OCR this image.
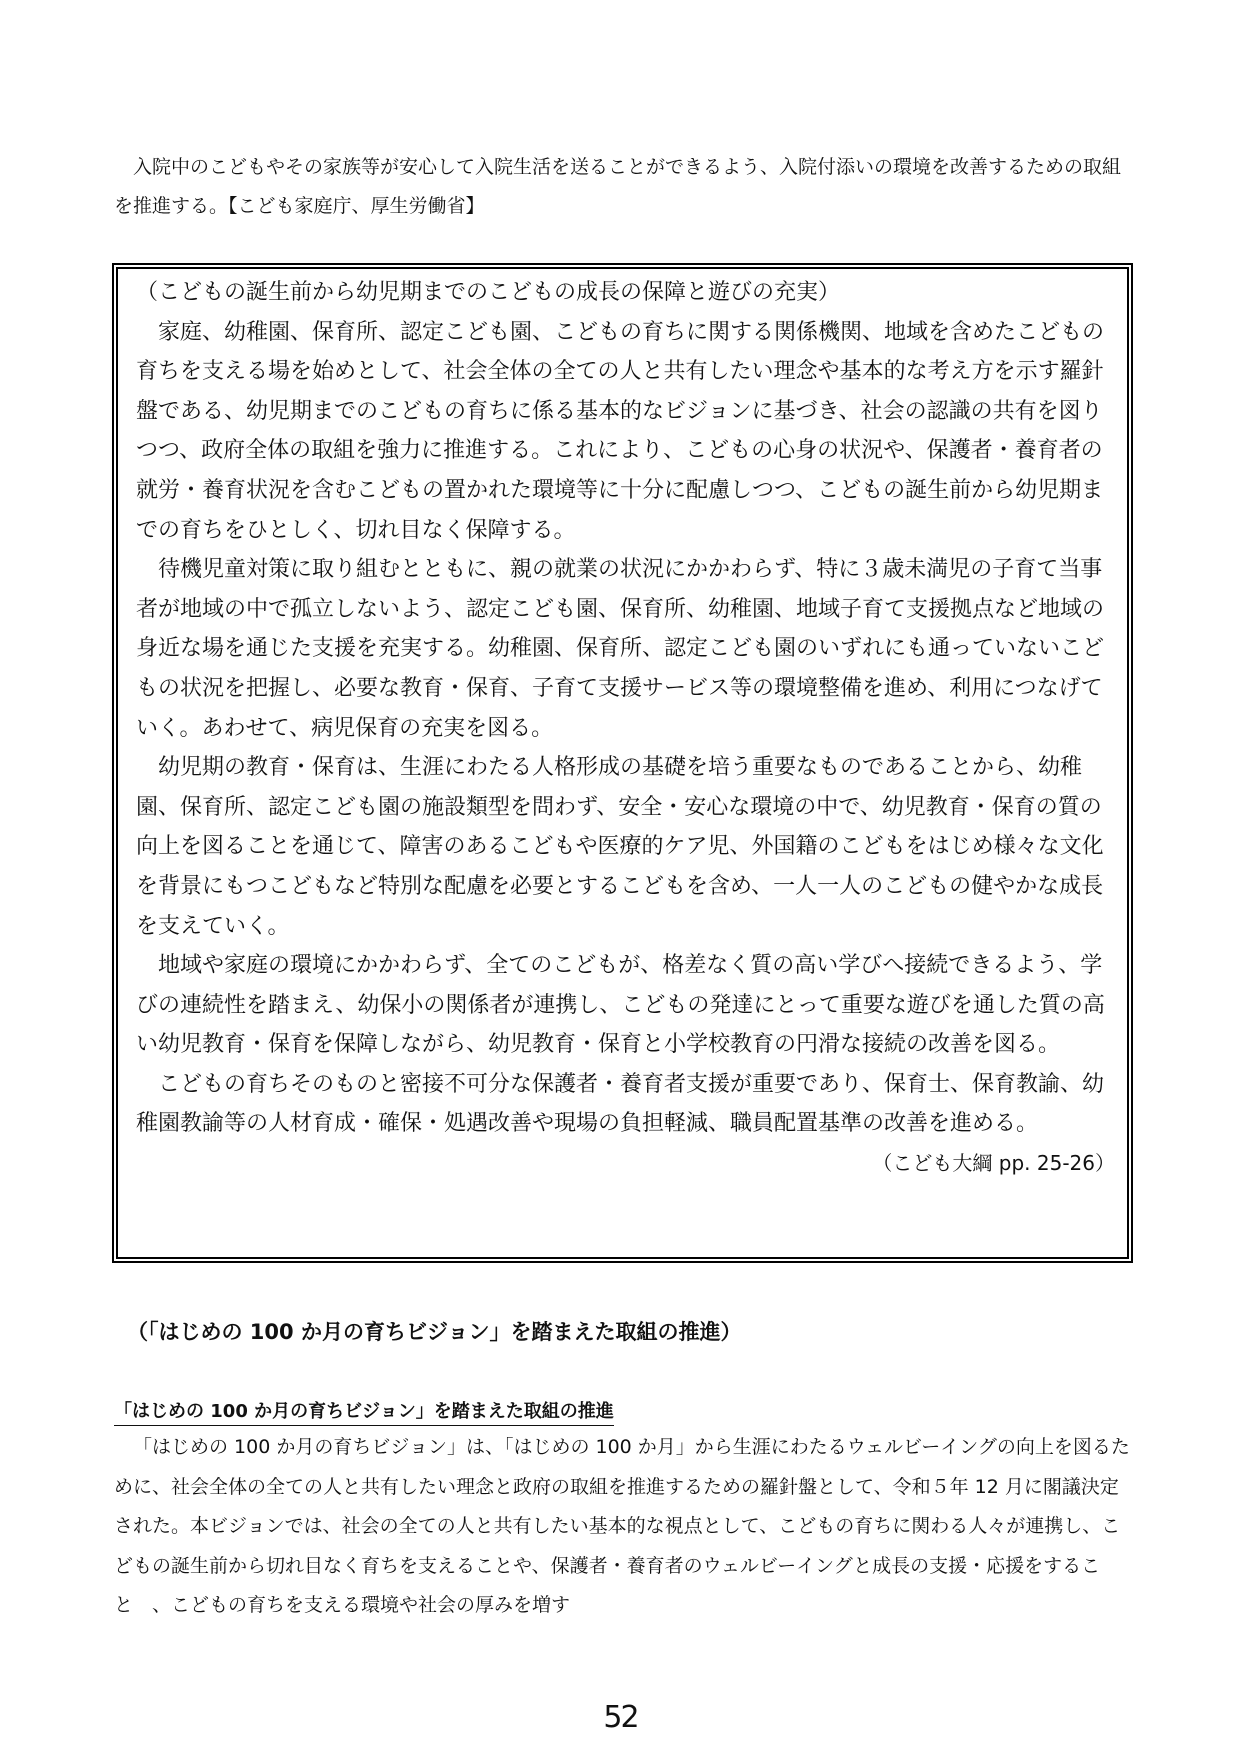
入院中のこどもやその家族等が安心して入院生活を送ることができるよう、入院付添いの環境を改善するための取組を推進する。【こども家庭庁、厚生労働省】

（こどもの誕生前から幼児期までのこどもの成長の保障と遊びの充実）

家庭、幼稚園、保育所、認定こども園、こどもの育ちに関する関係機関、地域を含めたこどもの育ちを支える場を始めとして、社会全体の全ての人と共有したい理念や基本的な考え方を示す羅針盤である、幼児期までのこどもの育ちに係る基本的なビジョンに基づき、社会の認識の共有を図りつつ、政府全体の取組を強力に推進する。これにより、こどもの心身の状況や、保護者・養育者の就労・養育状況を含むこどもの置かれた環境等に十分に配慮しつつ、こどもの誕生前から幼児期までの育ちをひとしく、切れ目なく保障する。

待機児童対策に取り組むとともに、親の就業の状況にかかわらず、特に３歳未満児の子育て当事者が地域の中で孤立しないよう、認定こども園、保育所、幼稚園、地域子育て支援拠点など地域の身近な場を通じた支援を充実する。幼稚園、保育所、認定こども園のいずれにも通っていないこどもの状況を把握し、必要な教育・保育、子育て支援サービス等の環境整備を進め、利用につなげていく。あわせて、病児保育の充実を図る。

幼児期の教育・保育は、生涯にわたる人格形成の基礎を培う重要なものであることから、幼稚園、保育所、認定こども園の施設類型を問わず、安全・安心な環境の中で、幼児教育・保育の質の向上を図ることを通じて、障害のあるこどもや医療的ケア児、外国籍のこどもをはじめ様々な文化を背景にもつこどもなど特別な配慮を必要とするこどもを含め、一人一人のこどもの健やかな成長を支えていく。

地域や家庭の環境にかかわらず、全てのこどもが、格差なく質の高い学びへ接続できるよう、学びの連続性を踏まえ、幼保小の関係者が連携し、こどもの発達にとって重要な遊びを通した質の高い幼児教育・保育を保障しながら、幼児教育・保育と小学校教育の円滑な接続の改善を図る。

こどもの育ちそのものと密接不可分な保護者・養育者支援が重要であり、保育士、保育教諭、幼稚園教諭等の人材育成・確保・処遇改善や現場の負担軽減、職員配置基準の改善を進める。

（こども大綱 pp. 25-26）

（「はじめの 100 か月の育ちビジョン」を踏まえた取組の推進）
「はじめの 100 か月の育ちビジョン」を踏まえた取組の推進

「はじめの 100 か月の育ちビジョン」は、「はじめの 100 か月」から生涯にわたるウェルビーイングの向上を図るために、社会全体の全ての人と共有したい理念と政府の取組を推進するための羅針盤として、令和５年 12 月に閣議決定された。本ビジョンでは、社会の全ての人と共有したい基本的な視点として、こどもの育ちに関わる人々が連携し、こどもの誕生前から切れ目なく育ちを支えることや、保護者・養育者のウェルビーイングと成長の支援・応援をすること　、こどもの育ちを支える環境や社会の厚みを増す

52
